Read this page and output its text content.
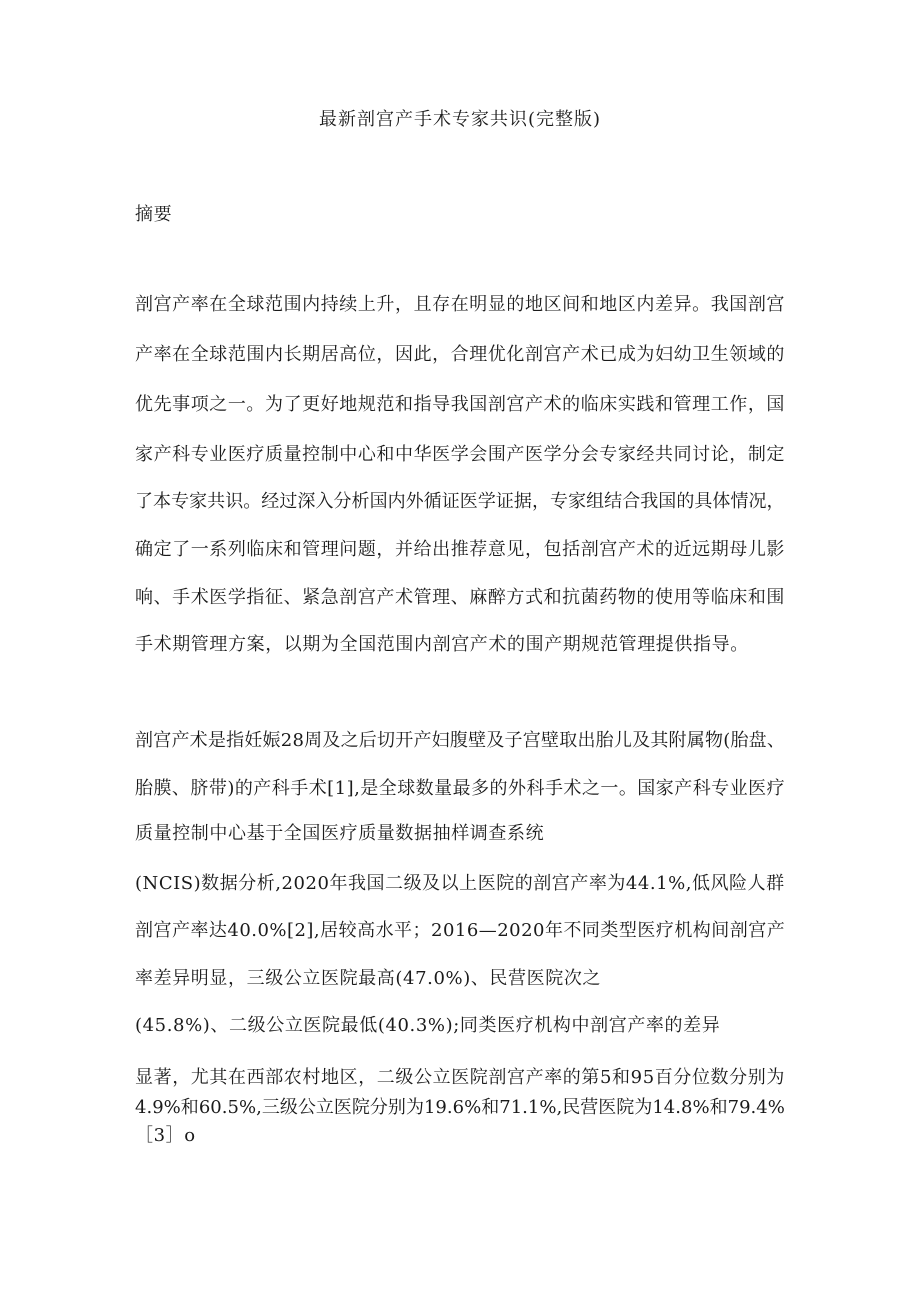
最新剖宫产手术专家共识(完整版)
摘要
剖宫产率在全球范围内持续上升，且存在明显的地区间和地区内差异。我国剖宫
产率在全球范围内长期居高位，因此，合理优化剖宫产术已成为妇幼卫生领域的
优先事项之一。为了更好地规范和指导我国剖宫产术的临床实践和管理工作，国
家产科专业医疗质量控制中心和中华医学会围产医学分会专家经共同讨论，制定
了本专家共识。经过深入分析国内外循证医学证据，专家组结合我国的具体情况，
确定了一系列临床和管理问题，并给出推荐意见，包括剖宫产术的近远期母儿影
响、手术医学指征、紧急剖宫产术管理、麻醉方式和抗菌药物的使用等临床和围
手术期管理方案，以期为全国范围内剖宫产术的围产期规范管理提供指导。
剖宫产术是指妊娠28周及之后切开产妇腹壁及子宫壁取出胎儿及其附属物(胎盘、
胎膜、脐带)的产科手术[1],是全球数量最多的外科手术之一。国家产科专业医疗
质量控制中心基于全国医疗质量数据抽样调查系统
(NCIS)数据分析,2020年我国二级及以上医院的剖宫产率为44.1%,低风险人群
剖宫产率达40.0%[2],居较高水平；2016—2020年不同类型医疗机构间剖宫产
率差异明显，三级公立医院最高(47.0%)、民营医院次之
(45.8%)、二级公立医院最低(40.3%);同类医疗机构中剖宫产率的差异
显著，尤其在西部农村地区，二级公立医院剖宫产率的第5和95百分位数分别为
4.9%和60.5%,三级公立医院分别为19.6%和71.1%,民营医院为14.8%和79.4%
［3］o
